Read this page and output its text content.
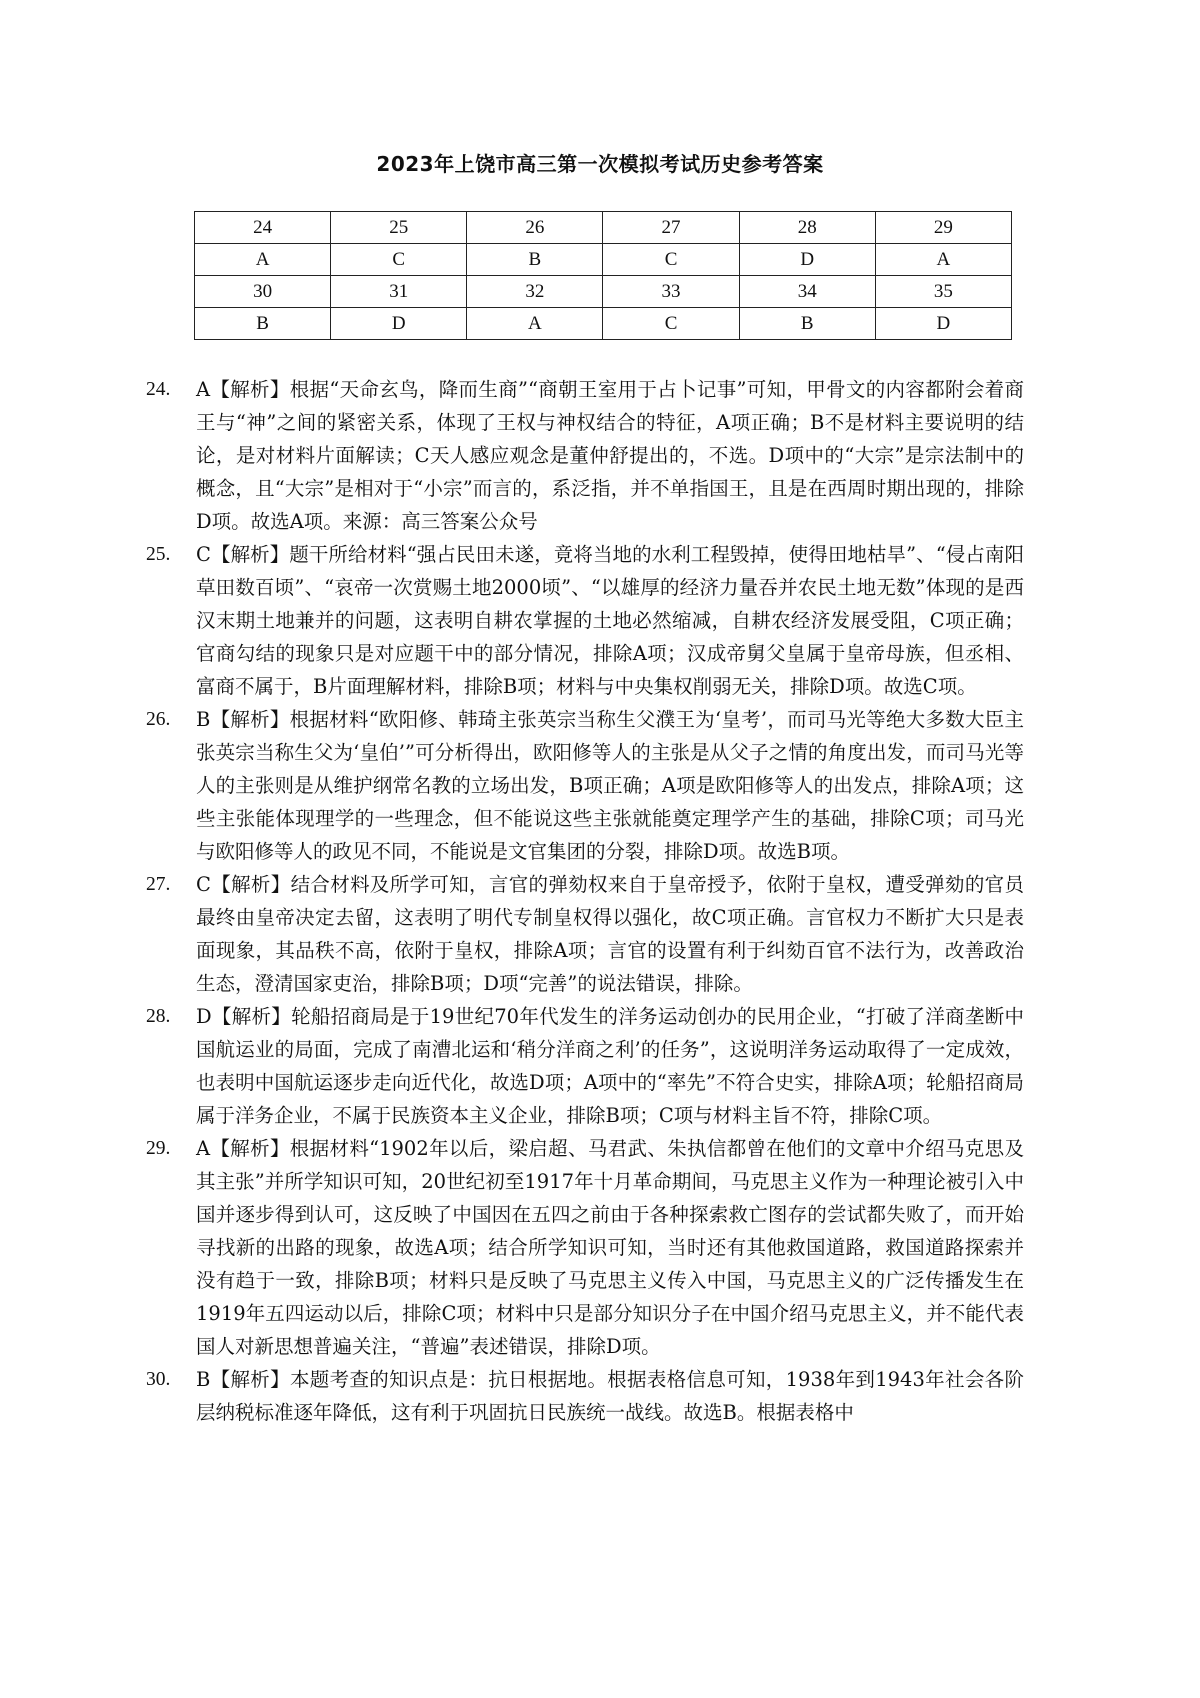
2023年上饶市高三第一次模拟考试历史参考答案
24	25	26	27	28	29
A	C	B	C	D	A
30	31	32	33	34	35
B	D	A	C	B	D
24. A【解析】根据“天命玄鸟，降而生商”“商朝王室用于占卜记事”可知，甲骨文的内容都附会着商王与“神”之间的紧密关系，体现了王权与神权结合的特征，A项正确；B不是材料主要说明的结论，是对材料片面解读；C天人感应观念是董仲舒提出的，不选。D项中的“大宗”是宗法制中的概念，且“大宗”是相对于“小宗”而言的，系泛指，并不单指国王，且是在西周时期出现的，排除D项。故选A项。来源：高三答案公众号
25. C【解析】题干所给材料“强占民田未遂，竟将当地的水利工程毁掉，使得田地枯旱”、“侵占南阳草田数百顷”、“哀帝一次赏赐土地2000顷”、“以雄厚的经济力量吞并农民土地无数”体现的是西汉末期土地兼并的问题，这表明自耕农掌握的土地必然缩减，自耕农经济发展受阻，C项正确；官商勾结的现象只是对应题干中的部分情况，排除A项；汉成帝舅父皇属于皇帝母族，但丞相、富商不属于，B片面理解材料，排除B项；材料与中央集权削弱无关，排除D项。故选C项。
26. B【解析】根据材料“欧阳修、韩琦主张英宗当称生父濮王为‘皇考’，而司马光等绝大多数大臣主张英宗当称生父为‘皇伯’”可分析得出，欧阳修等人的主张是从父子之情的角度出发，而司马光等人的主张则是从维护纲常名教的立场出发，B项正确；A项是欧阳修等人的出发点，排除A项；这些主张能体现理学的一些理念，但不能说这些主张就能奠定理学产生的基础，排除C项；司马光与欧阳修等人的政见不同，不能说是文官集团的分裂，排除D项。故选B项。
27. C【解析】结合材料及所学可知，言官的弹劾权来自于皇帝授予，依附于皇权，遭受弹劾的官员最终由皇帝决定去留，这表明了明代专制皇权得以强化，故C项正确。言官权力不断扩大只是表面现象，其品秩不高，依附于皇权，排除A项；言官的设置有利于纠劾百官不法行为，改善政治生态，澄清国家吏治，排除B项；D项“完善”的说法错误，排除。
28. D【解析】轮船招商局是于19世纪70年代发生的洋务运动创办的民用企业，“打破了洋商垄断中国航运业的局面，完成了南漕北运和‘稍分洋商之利’的任务”，这说明洋务运动取得了一定成效，也表明中国航运逐步走向近代化，故选D项；A项中的“率先”不符合史实，排除A项；轮船招商局属于洋务企业，不属于民族资本主义企业，排除B项；C项与材料主旨不符，排除C项。
29. A【解析】根据材料“1902年以后，梁启超、马君武、朱执信都曾在他们的文章中介绍马克思及其主张”并所学知识可知，20世纪初至1917年十月革命期间，马克思主义作为一种理论被引入中国并逐步得到认可，这反映了中国因在五四之前由于各种探索救亡图存的尝试都失败了，而开始寻找新的出路的现象，故选A项；结合所学知识可知，当时还有其他救国道路，救国道路探索并没有趋于一致，排除B项；材料只是反映了马克思主义传入中国，马克思主义的广泛传播发生在1919年五四运动以后，排除C项；材料中只是部分知识分子在中国介绍马克思主义，并不能代表国人对新思想普遍关注，“普遍”表述错误，排除D项。
30. B【解析】本题考查的知识点是：抗日根据地。根据表格信息可知，1938年到1943年社会各阶层纳税标准逐年降低，这有利于巩固抗日民族统一战线。故选B。根据表格中
